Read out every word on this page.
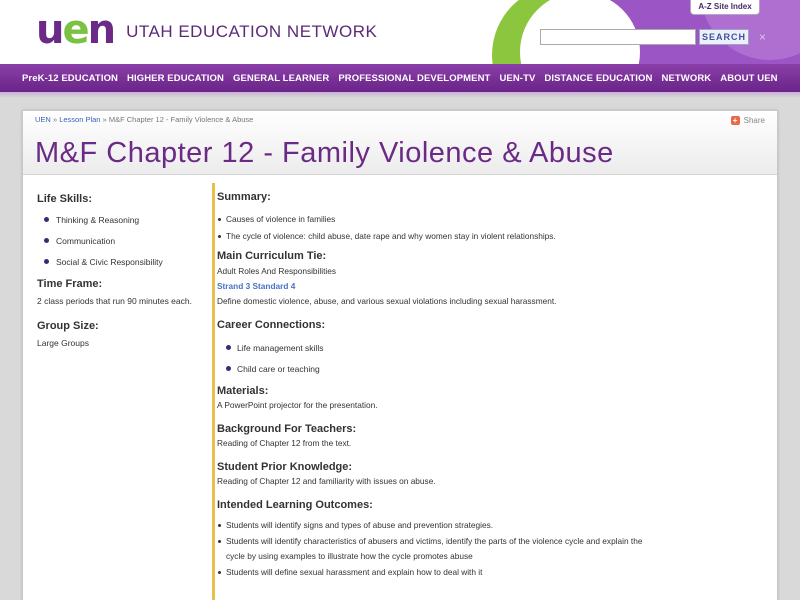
uen UTAH EDUCATION NETWORK
A-Z Site Index
SEARCH ×
PreK-12 EDUCATION HIGHER EDUCATION GENERAL LEARNER PROFESSIONAL DEVELOPMENT UEN-TV DISTANCE EDUCATION NETWORK ABOUT UEN
UEN » Lesson Plan » M&F Chapter 12 - Family Violence & Abuse	+ Share
M&F Chapter 12 - Family Violence & Abuse
Life Skills:
Thinking & Reasoning
Communication
Social & Civic Responsibility
Time Frame:
2 class periods that run 90 minutes each.
Group Size:
Large Groups
Summary:
Causes of violence in families
The cycle of violence: child abuse, date rape and why women stay in violent relationships.
Main Curriculum Tie:
Adult Roles And Responsibilities
Strand 3 Standard 4
Define domestic violence, abuse, and various sexual violations including sexual harassment.
Career Connections:
Life management skills
Child care or teaching
Materials:
A PowerPoint projector for the presentation.
Background For Teachers:
Reading of Chapter 12 from the text.
Student Prior Knowledge:
Reading of Chapter 12 and familiarity with issues on abuse.
Intended Learning Outcomes:
Students will identify signs and types of abuse and prevention strategies.
Students will identify characteristics of abusers and victims, identify the parts of the violence cycle and explain the cycle by using examples to illustrate how the cycle promotes abuse
Students will define sexual harassment and explain how to deal with it
